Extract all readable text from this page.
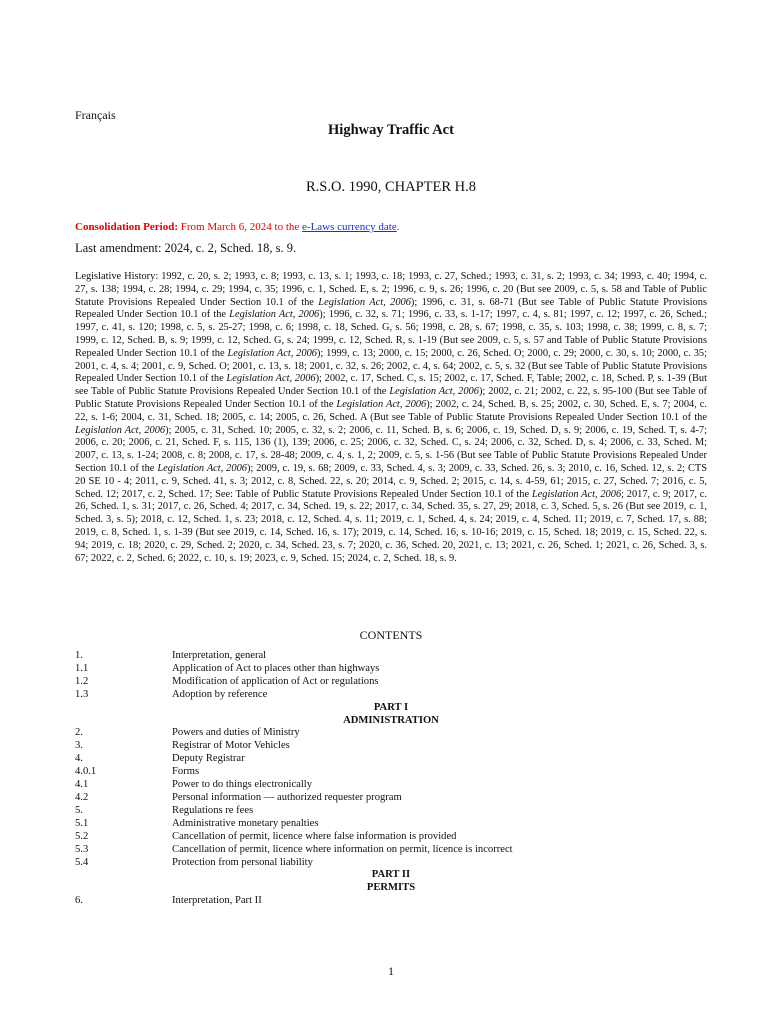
Français
Highway Traffic Act
R.S.O. 1990, CHAPTER H.8
Consolidation Period: From March 6, 2024 to the e-Laws currency date.
Last amendment: 2024, c. 2, Sched. 18, s. 9.
Legislative History: 1992, c. 20, s. 2; 1993, c. 8; 1993, c. 13, s. 1; 1993, c. 18; 1993, c. 27, Sched.; 1993, c. 31, s. 2; 1993, c. 34; 1993, c. 40; 1994, c. 27, s. 138; 1994, c. 28; 1994, c. 29; 1994, c. 35; 1996, c. 1, Sched. E, s. 2; 1996, c. 9, s. 26; 1996, c. 20 (But see 2009, c. 5, s. 58 and Table of Public Statute Provisions Repealed Under Section 10.1 of the Legislation Act, 2006); 1996, c. 31, s. 68-71 (But see Table of Public Statute Provisions Repealed Under Section 10.1 of the Legislation Act, 2006); 1996, c. 32, s. 71; 1996, c. 33, s. 1-17; 1997, c. 4, s. 81; 1997, c. 12; 1997, c. 26, Sched.; 1997, c. 41, s. 120; 1998, c. 5, s. 25-27; 1998, c. 6; 1998, c. 18, Sched. G, s. 56; 1998, c. 28, s. 67; 1998, c. 35, s. 103; 1998, c. 38; 1999, c. 8, s. 7; 1999, c. 12, Sched. B, s. 9; 1999, c. 12, Sched. G, s. 24; 1999, c. 12, Sched. R, s. 1-19 (But see 2009, c. 5, s. 57 and Table of Public Statute Provisions Repealed Under Section 10.1 of the Legislation Act, 2006); 1999, c. 13; 2000, c. 15; 2000, c. 26, Sched. O; 2000, c. 29; 2000, c. 30, s. 10; 2000, c. 35; 2001, c. 4, s. 4; 2001, c. 9, Sched. O; 2001, c. 13, s. 18; 2001, c. 32, s. 26; 2002, c. 4, s. 64; 2002, c. 5, s. 32 (But see Table of Public Statute Provisions Repealed Under Section 10.1 of the Legislation Act, 2006); 2002, c. 17, Sched. C, s. 15; 2002, c. 17, Sched. F, Table; 2002, c. 18, Sched. P, s. 1-39 (But see Table of Public Statute Provisions Repealed Under Section 10.1 of the Legislation Act, 2006); 2002, c. 21; 2002, c. 22, s. 95-100 (But see Table of Public Statute Provisions Repealed Under Section 10.1 of the Legislation Act, 2006); 2002, c. 24, Sched. B, s. 25; 2002, c. 30, Sched. E, s. 7; 2004, c. 22, s. 1-6; 2004, c. 31, Sched. 18; 2005, c. 14; 2005, c. 26, Sched. A (But see Table of Public Statute Provisions Repealed Under Section 10.1 of the Legislation Act, 2006); 2005, c. 31, Sched. 10; 2005, c. 32, s. 2; 2006, c. 11, Sched. B, s. 6; 2006, c. 19, Sched. D, s. 9; 2006, c. 19, Sched. T, s. 4-7; 2006, c. 20; 2006, c. 21, Sched. F, s. 115, 136 (1), 139; 2006, c. 25; 2006, c. 32, Sched. C, s. 24; 2006, c. 32, Sched. D, s. 4; 2006, c. 33, Sched. M; 2007, c. 13, s. 1-24; 2008, c. 8; 2008, c. 17, s. 28-48; 2009, c. 4, s. 1, 2; 2009, c. 5, s. 1-56 (But see Table of Public Statute Provisions Repealed Under Section 10.1 of the Legislation Act, 2006); 2009, c. 19, s. 68; 2009, c. 33, Sched. 4, s. 3; 2009, c. 33, Sched. 26, s. 3; 2010, c. 16, Sched. 12, s. 2; CTS 20 SE 10 - 4; 2011, c. 9, Sched. 41, s. 3; 2012, c. 8, Sched. 22, s. 20; 2014, c. 9, Sched. 2; 2015, c. 14, s. 4-59, 61; 2015, c. 27, Sched. 7; 2016, c. 5, Sched. 12; 2017, c. 2, Sched. 17; See: Table of Public Statute Provisions Repealed Under Section 10.1 of the Legislation Act, 2006; 2017, c. 9; 2017, c. 26, Sched. 1, s. 31; 2017, c. 26, Sched. 4; 2017, c. 34, Sched. 19, s. 22; 2017, c. 34, Sched. 35, s. 27, 29; 2018, c. 3, Sched. 5, s. 26 (But see 2019, c. 1, Sched. 3, s. 5); 2018, c. 12, Sched. 1, s. 23; 2018, c. 12, Sched. 4, s. 11; 2019, c. 1, Sched. 4, s. 24; 2019, c. 4, Sched. 11; 2019, c. 7, Sched. 17, s. 88; 2019, c. 8, Sched. 1, s. 1-39 (But see 2019, c. 14, Sched. 16, s. 17); 2019, c. 14, Sched. 16, s. 10-16; 2019, c. 15, Sched. 18; 2019, c. 15, Sched. 22, s. 94; 2019, c. 18; 2020, c. 29, Sched. 2; 2020, c. 34, Sched. 23, s. 7; 2020, c. 36, Sched. 20, 2021, c. 13; 2021, c. 26, Sched. 1; 2021, c. 26, Sched. 3, s. 67; 2022, c. 2, Sched. 6; 2022, c. 10, s. 19; 2023, c. 9, Sched. 15; 2024, c. 2, Sched. 18, s. 9.
CONTENTS
1.	Interpretation, general
1.1	Application of Act to places other than highways
1.2	Modification of application of Act or regulations
1.3	Adoption by reference
PART I
ADMINISTRATION
2.	Powers and duties of Ministry
3.	Registrar of Motor Vehicles
4.	Deputy Registrar
4.0.1	Forms
4.1	Power to do things electronically
4.2	Personal information — authorized requester program
5.	Regulations re fees
5.1	Administrative monetary penalties
5.2	Cancellation of permit, licence where false information is provided
5.3	Cancellation of permit, licence where information on permit, licence is incorrect
5.4	Protection from personal liability
PART II
PERMITS
6.	Interpretation, Part II
1
